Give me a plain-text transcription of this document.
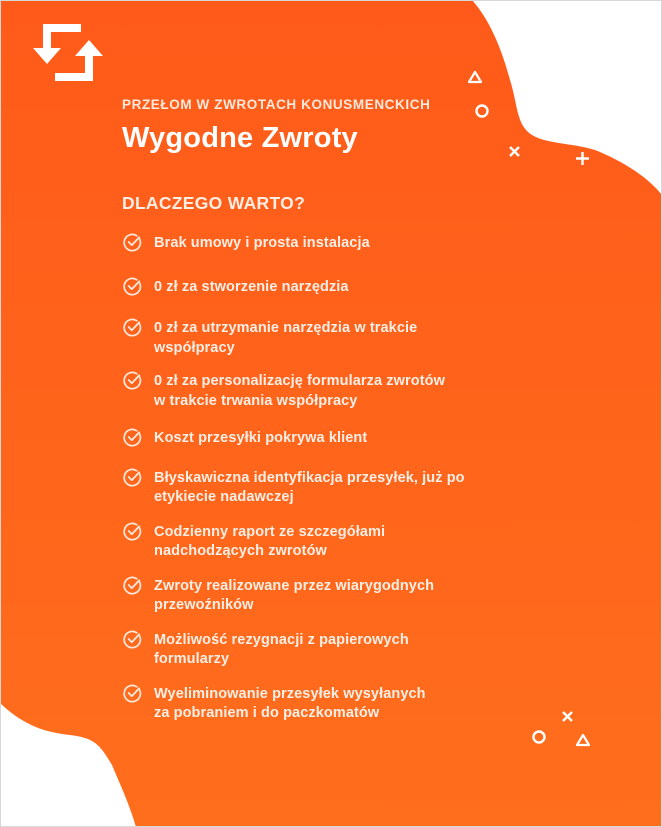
PRZEŁOM W ZWROTACH KONUSMENCKICH

Wygodne Zwroty
DLACZEGO WARTO?
Brak umowy i prosta instalacja
0 zł za stworzenie narzędzia
0 zł za utrzymanie narzędzia w trakcie
współpracy
0 zł za personalizację formularza zwrotów
w trakcie trwania współpracy
Koszt przesyłki pokrywa klient
Błyskawiczna identyfikacja przesyłek, już po
etykiecie nadawczej
Codzienny raport ze szczegółami
nadchodzących zwrotów
Zwroty realizowane przez wiarygodnych
przewoźników
Możliwość rezygnacji z papierowych
formularzy
Wyeliminowanie przesyłek wysyłanych
za pobraniem i do paczkomatów
